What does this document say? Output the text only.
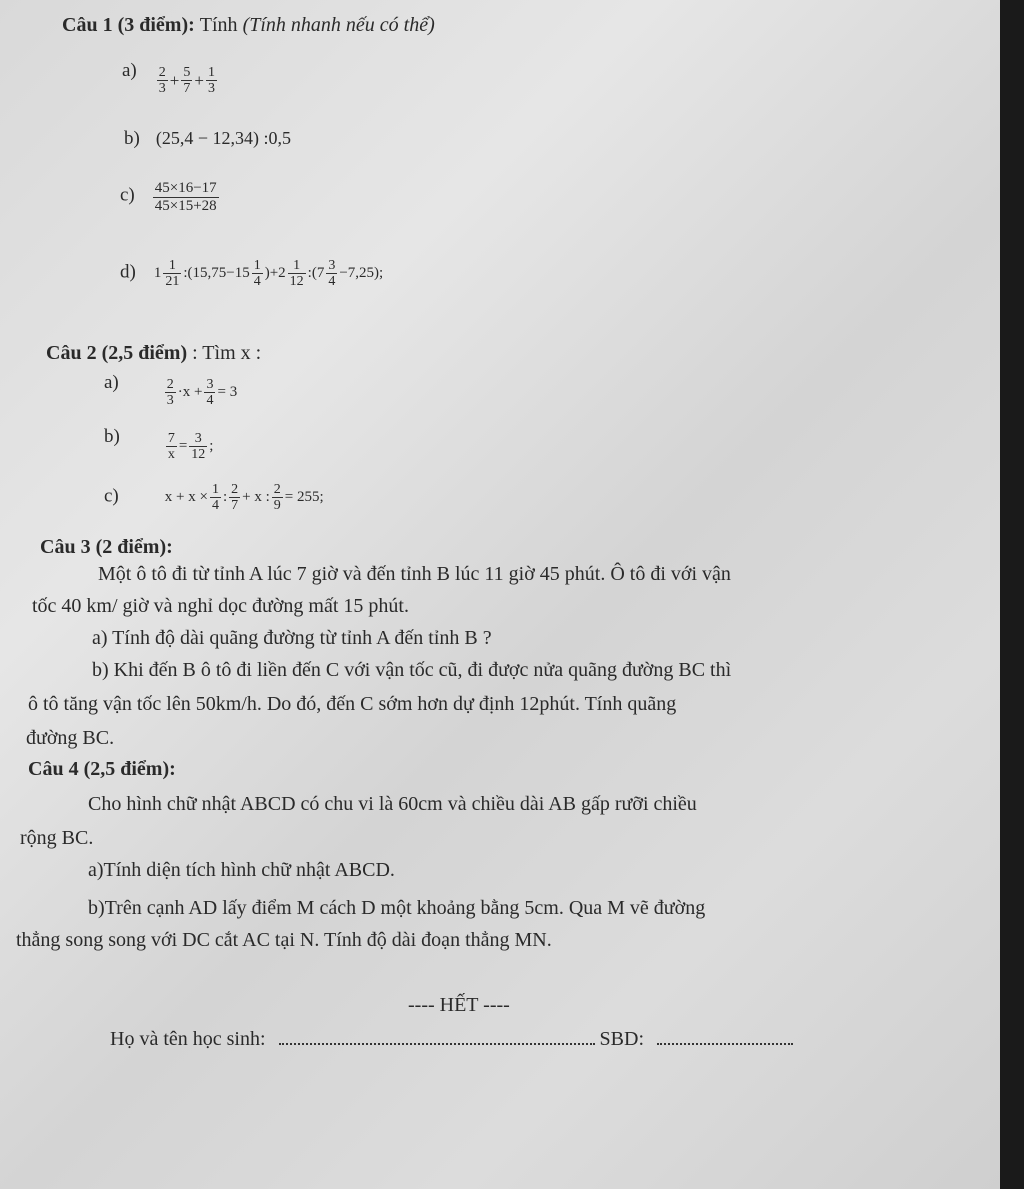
Câu 1 (3 điểm): Tính (Tính nhanh nếu có thể)
$a) \frac{2}{3} + \frac{5}{7} + \frac{1}{3}$
b) (25,4 − 12,34) :0,5
$c) \frac{45\times 16-17}{45\times 15+28}$
d) $1 \frac{1}{21}$ :(15,75−15 $\frac{1}{4} )+2 \frac{1}{12}$ :(7 $\frac{3}{4} -7,25$);
Câu 2 (2,5 điểm) : Tìm x :
a)	$\frac{2}{3} \cdot x + \frac{3}{4} = 3$
b)	$\frac{7}{x} = \frac{3}{12}$ ;
c)	$x + x \times \frac{1}{4}$ : $\frac{2}{7} + x$ : $\frac{2}{9} = 255$;
Câu 3 (2 điểm):
Một ô tô đi từ tỉnh A lúc 7 giờ và đến tỉnh B lúc 11 giờ 45 phút. Ô tô đi với vận
tốc 40 km/ giờ và nghỉ dọc đường mất 15 phút.
a) Tính độ dài quãng đường từ tỉnh A đến tỉnh B ?
b) Khi đến B ô tô đi liền đến C với vận tốc cũ, đi được nửa quãng đường BC thì
ô tô tăng vận tốc lên 50km/h. Do đó, đến C sớm hơn dự định 12phút. Tính quãng
đường BC.
Câu 4 (2,5 điểm):
Cho hình chữ nhật ABCD có chu vi là 60cm và chiều dài AB gấp rưỡi chiều
rộng BC.
a)Tính diện tích hình chữ nhật ABCD.
b)Trên cạnh AD lấy điểm M cách D một khoảng bằng 5cm. Qua M vẽ đường
thẳng song song với DC cắt AC tại N. Tính độ dài đoạn thẳng MN.
---- HẾT ----
Họ và tên học sinh:	SBD:
